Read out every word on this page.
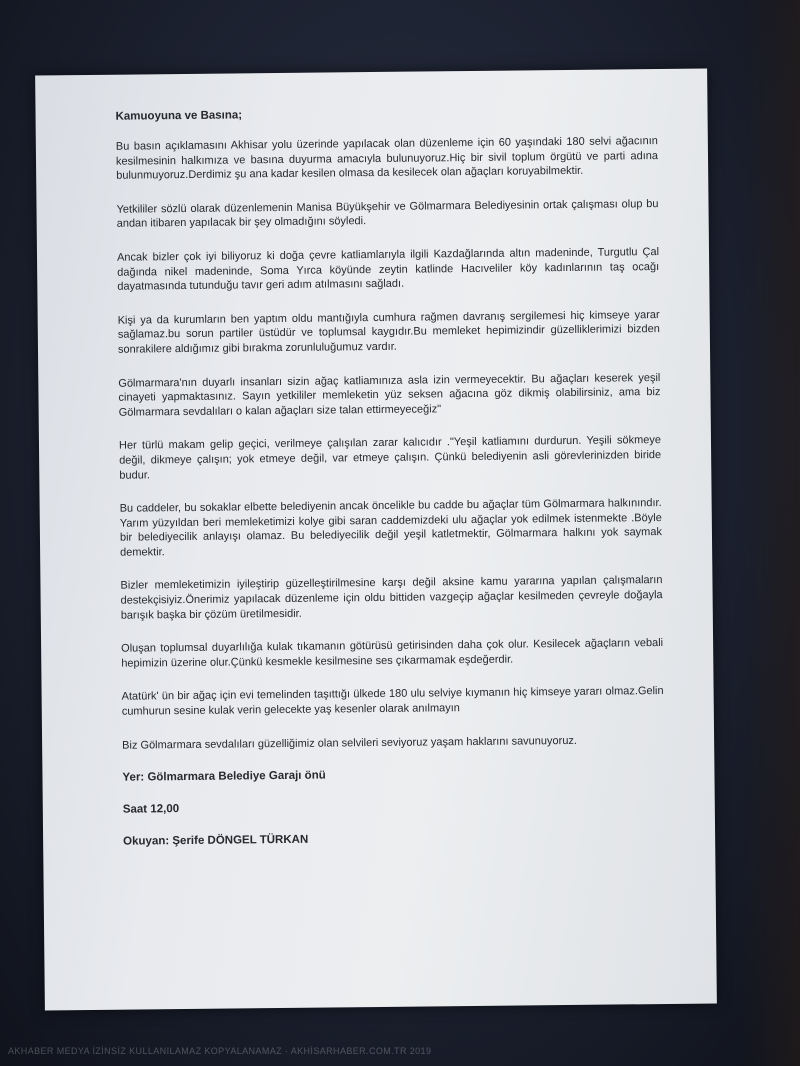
Kamuoyuna ve Basına;

Bu basın açıklamasını Akhisar yolu üzerinde yapılacak olan düzenleme için 60 yaşındaki 180 selvi ağacının kesilmesinin halkımıza ve basına duyurma amacıyla bulunuyoruz.Hiç bir sivil toplum örgütü ve parti adına bulunmuyoruz.Derdimiz şu ana kadar kesilen olmasa da kesilecek olan ağaçları koruyabilmektir.

Yetkililer sözlü olarak düzenlemenin Manisa Büyükşehir ve Gölmarmara Belediyesinin ortak çalışması olup bu andan itibaren yapılacak bir şey olmadığını söyledi.

Ancak bizler çok iyi biliyoruz ki doğa çevre katliamlarıyla ilgili Kazdağlarında altın madeninde, Turgutlu Çal dağında nikel madeninde, Soma Yırca köyünde zeytin katlinde Hacıveliler köy kadınlarının taş ocağı dayatmasında tutunduğu tavır geri adım atılmasını sağladı.

Kişi ya da kurumların ben yaptım oldu mantığıyla cumhura rağmen davranış sergilemesi hiç kimseye yarar sağlamaz.bu sorun partiler üstüdür ve toplumsal kaygıdır.Bu memleket hepimizindir güzelliklerimizi bizden sonrakilere aldığımız gibi bırakma zorunluluğumuz vardır.

Gölmarmara'nın duyarlı insanları sizin ağaç katliamınıza asla izin vermeyecektir. Bu ağaçları keserek yeşil cinayeti yapmaktasınız. Sayın yetkililer memleketin yüz seksen ağacına göz dikmiş olabilirsiniz, ama biz Gölmarmara sevdalıları o kalan ağaçları size talan ettirmeyeceğiz"

Her türlü makam gelip geçici, verilmeye çalışılan zarar kalıcıdır ."Yeşil katliamını durdurun. Yeşili sökmeye değil, dikmeye çalışın; yok etmeye değil, var etmeye çalışın. Çünkü belediyenin asli görevlerinizden biride budur.

Bu caddeler, bu sokaklar elbette belediyenin ancak öncelikle bu cadde bu ağaçlar tüm Gölmarmara halkınındır. Yarım yüzyıldan beri memleketimizi kolye gibi saran caddemizdeki ulu ağaçlar yok edilmek istenmekte .Böyle bir belediyecilik anlayışı olamaz. Bu belediyecilik değil yeşil katletmektir, Gölmarmara halkını yok saymak demektir.

Bizler memleketimizin iyileştirip güzelleştirilmesine karşı değil aksine kamu yararına yapılan çalışmaların destekçisiyiz.Önerimiz yapılacak düzenleme için oldu bittiden vazgeçip ağaçlar kesilmeden çevreyle doğayla barışık başka bir çözüm üretilmesidir.

Oluşan toplumsal duyarlılığa kulak tıkamanın götürüsü getirisinden daha çok olur. Kesilecek ağaçların vebali hepimizin üzerine olur.Çünkü kesmekle kesilmesine ses çıkarmamak eşdeğerdir.

Atatürk' ün bir ağaç için evi temelinden taşıttığı ülkede 180 ulu selviye kıymanın hiç kimseye yararı olmaz.Gelin cumhurun sesine kulak verin gelecekte yaş kesenler olarak anılmayın

Biz Gölmarmara sevdalıları güzelliğimiz olan selvileri seviyoruz yaşam haklarını savunuyoruz.

Yer: Gölmarmara Belediye Garajı önü
Saat 12,00
Okuyan: Şerife DÖNGEL TÜRKAN
AKHABER MEDYA İZİNSİZ KULLANILAMAZ KOPYALANAMAZ · AKHİSARHABER.COM.TR 2019
